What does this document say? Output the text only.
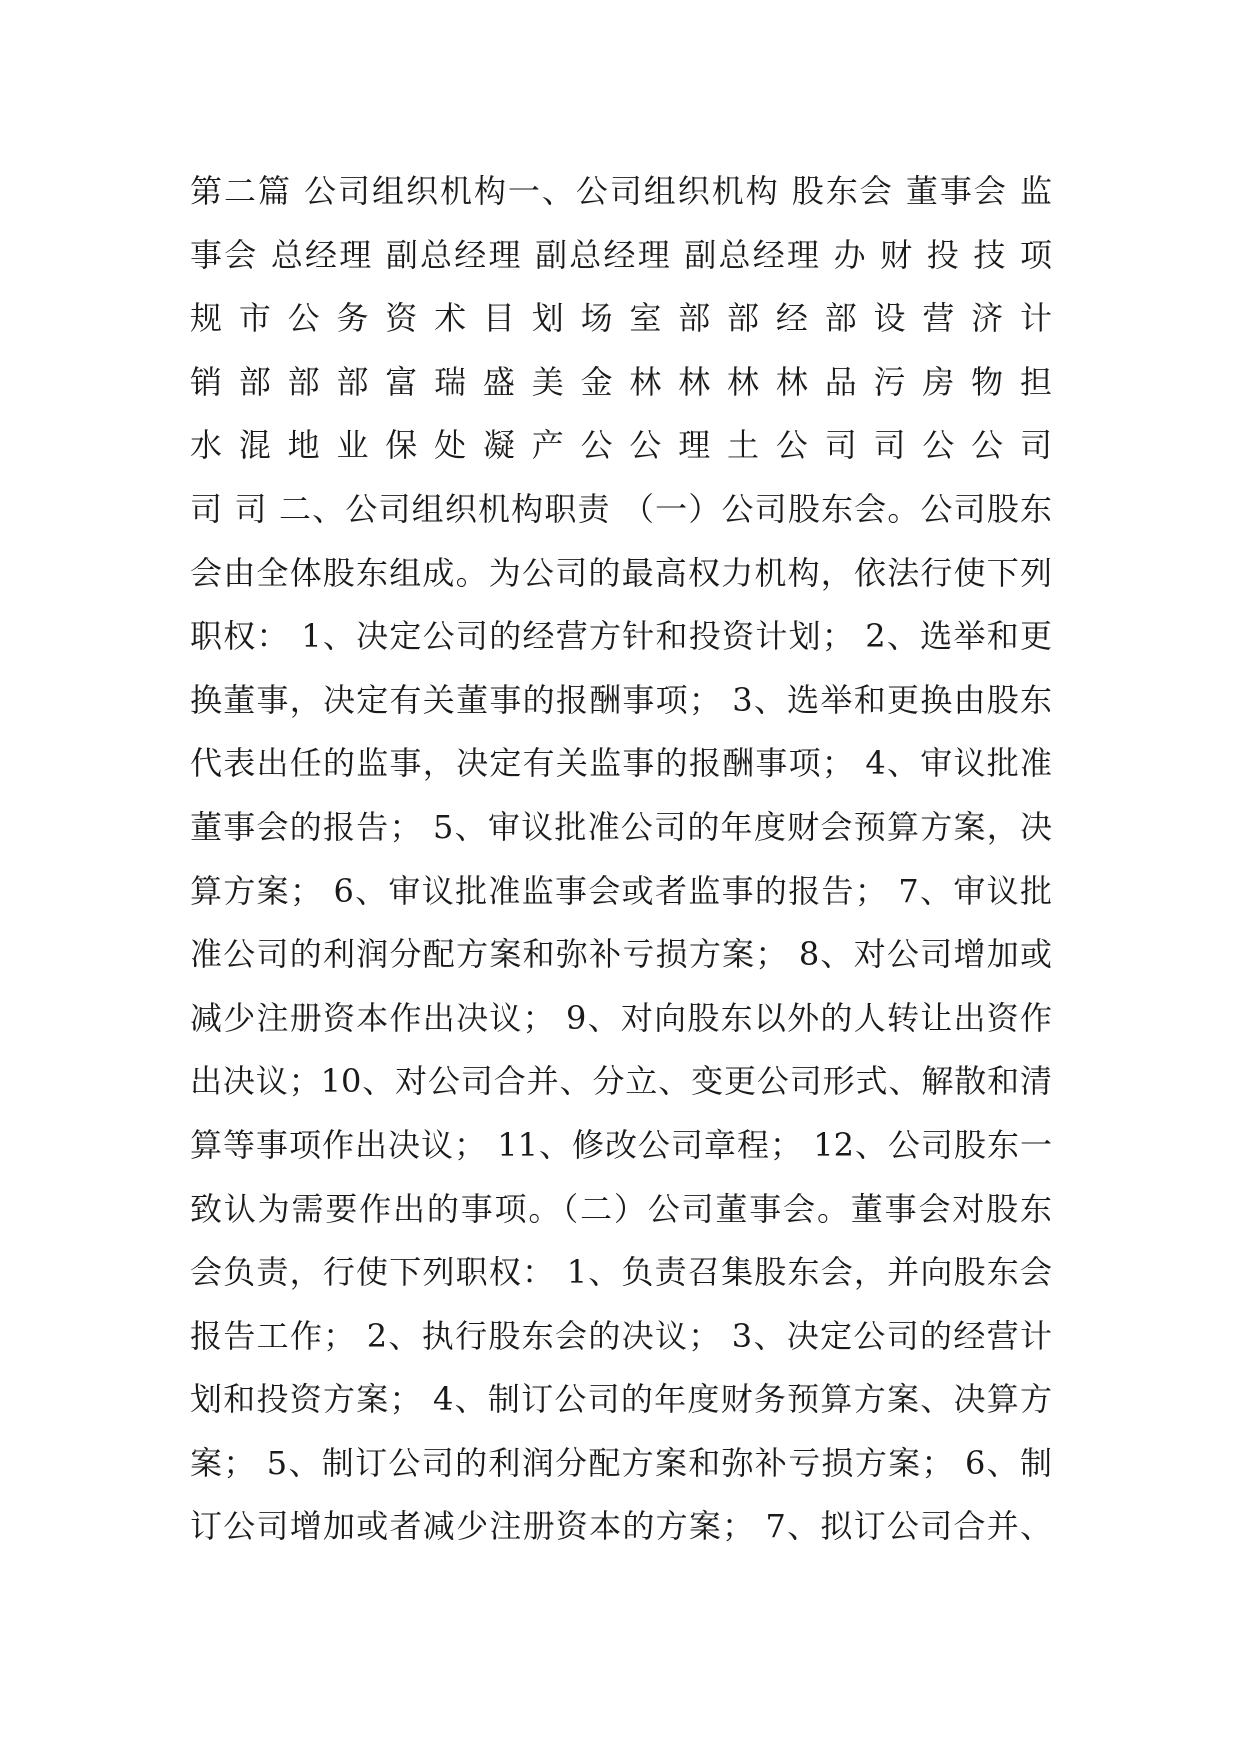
第二篇 公司组织机构一、公司组织机构 股东会 董事会 监
事会 总经理 副总经理 副总经理 副总经理 办 财 投 技 项
规 市 公 务 资 术 目 划 场 室 部 部 经 部 设 营 济 计
销 部 部 部 富 瑞 盛 美 金 林 林 林 林 品 污 房 物 担
水 混 地 业 保 处 凝 产 公 公 理 土 公 司 司 公 公 司
司 司 二、公司组织机构职责 （一）公司股东会。公司股东
会由全体股东组成。为公司的最高权力机构，依法行使下列
职权： 1、决定公司的经营方针和投资计划； 2、选举和更
换董事，决定有关董事的报酬事项； 3、选举和更换由股东
代表出任的监事，决定有关监事的报酬事项； 4、审议批准
董事会的报告； 5、审议批准公司的年度财会预算方案，决
算方案； 6、审议批准监事会或者监事的报告； 7、审议批
准公司的利润分配方案和弥补亏损方案； 8、对公司增加或
减少注册资本作出决议； 9、对向股东以外的人转让出资作
出决议；10、对公司合并、分立、变更公司形式、解散和清
算等事项作出决议； 11、修改公司章程； 12、公司股东一
致认为需要作出的事项。（二）公司董事会。董事会对股东
会负责，行使下列职权： 1、负责召集股东会，并向股东会
报告工作； 2、执行股东会的决议； 3、决定公司的经营计
划和投资方案； 4、制订公司的年度财务预算方案、决算方
案； 5、制订公司的利润分配方案和弥补亏损方案； 6、制
订公司增加或者减少注册资本的方案； 7、拟订公司合并、
